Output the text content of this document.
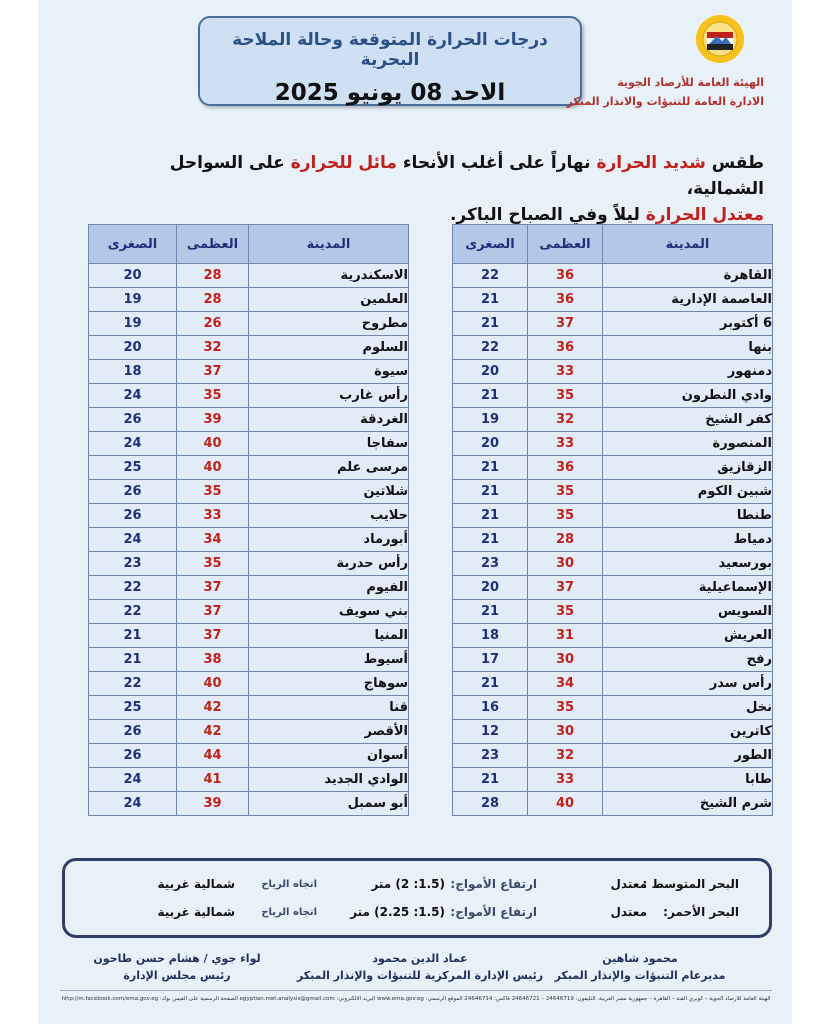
درجات الحرارة المتوقعة وحالة الملاحة البحرية
الاحد 08 يونيو 2025	الهيئة العامة للأرصاد الجوية
الادارة العامة للتنبؤات والانذار المبكر
طقس شديد الحرارة نهاراً على أغلب الأنحاء مائل للحرارة على السواحل الشمالية،
معتدل الحرارة ليلاً وفي الصباح الباكر.
المدينة	العظمى	الصغرى
القاهرة	36	22
العاصمة الإدارية	36	21
6 أكتوبر	37	21
بنها	36	22
دمنهور	33	20
وادي النطرون	35	21
كفر الشيخ	32	19
المنصورة	33	20
الزقازيق	36	21
شبين الكوم	35	21
طنطا	35	21
دمياط	28	21
بورسعيد	30	23
الإسماعيلية	37	20
السويس	35	21
العريش	31	18
رفح	30	17
رأس سدر	34	21
نخل	35	16
كاترين	30	12
الطور	32	23
طابا	33	21
شرم الشيخ	40	28
المدينة	العظمى	الصغرى
الاسكندرية	28	20
العلمين	28	19
مطروح	26	19
السلوم	32	20
سيوة	37	18
رأس غارب	35	24
الغردقة	39	26
سفاجا	40	24
مرسى علم	40	25
شلاتين	35	26
حلايب	33	26
أبورماد	34	24
رأس حدربة	35	23
الفيوم	37	22
بني سويف	37	22
المنيا	37	21
أسيوط	38	21
سوهاج	40	22
قنا	42	25
الأقصر	42	26
أسوان	44	26
الوادي الجديد	41	24
أبو سمبل	39	24
البحر المتوسط :
معتدل
ارتفاع الأمواج:
(1.5: 2) متر
اتجاه الرياح
شمالية غربية
البحر الأحمر:
معتدل
ارتفاع الأمواج:
(1.5: 2.25) متر
اتجاه الرياح
شمالية غربية
محمود شاهين
مديرعام التنبؤات والإنذار المبكر
عماد الدين محمود
رئيس الإدارة المركزية للتنبؤات والإنذار المبكر
لواء جوي / هشام حسن طاحون
رئيس مجلس الإدارة
الهيئة العامة للأرصاد الجوية – كوبري القبة – القاهرة – جمهورية مصر العربية. التليفون: 24646719 – 24646721 فاكس: 24646714 الموقع الرسمي: www.ema.gov.eg البريد الالكتروني: egyptian.met.analysis@gmail.com الصفحة الرسمية على الفيس بوك: http://m.facebook.com/ema.gov.eg
